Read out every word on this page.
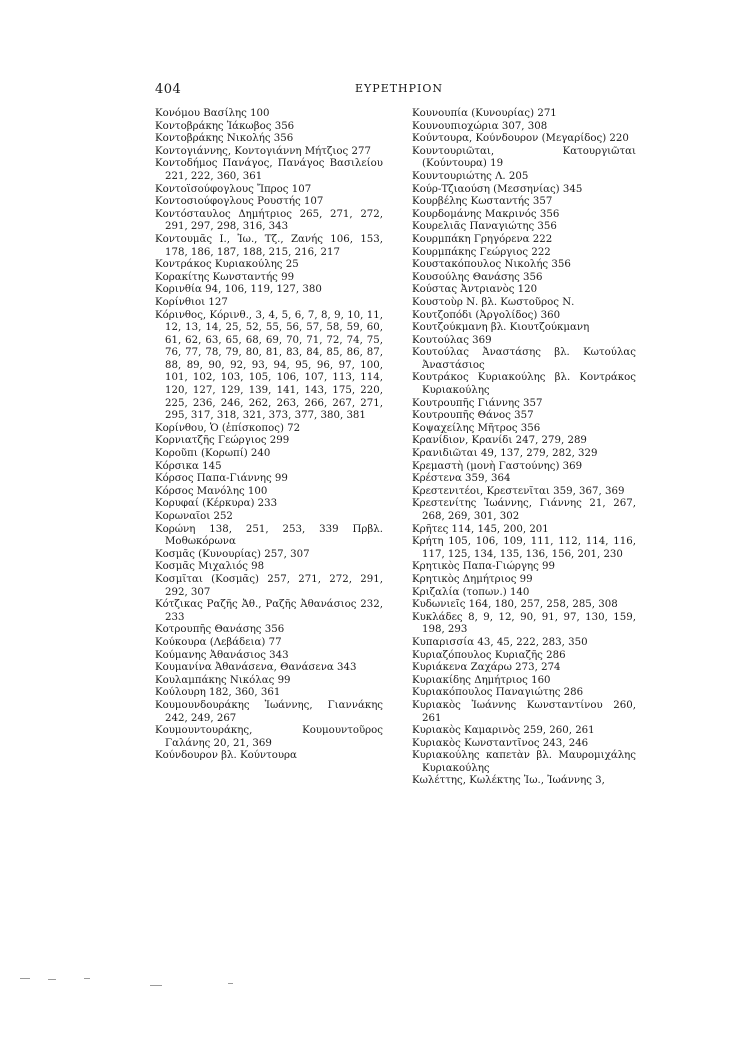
404	ΕΥΡΕΤΗΡΙΟΝ

Κονόμου Βασίλης 100

Κοντοβράκης Ἰάκωβος 356

Κοντοβράκης Νικολής 356

Κοντογιάννης, Κοντογιάννη Μήτζιος 277

Κοντοδήμος Πανάγος, Πανάγος Βασιλείου 221, 222, 360, 361

Κοντοϊσούφογλους Ἴπρος 107

Κοντοσιούφογλους Ρουστής 107

Κοντόσταυλος Δημήτριος 265, 271, 272, 291, 297, 298, 316, 343

Κοντουμᾶς Ι., Ἰω., Τζ., Ζανής 106, 153, 178, 186, 187, 188, 215, 216, 217

Κοντράκος Κυριακούλης 25

Κορακίτης Κωνσταντής 99

Κορινθία 94, 106, 119, 127, 380

Κορίνθιοι 127

Κόρινθος, Κόρινθ., 3, 4, 5, 6, 7, 8, 9, 10, 11, 12, 13, 14, 25, 52, 55, 56, 57, 58, 59, 60, 61, 62, 63, 65, 68, 69, 70, 71, 72, 74, 75, 76, 77, 78, 79, 80, 81, 83, 84, 85, 86, 87, 88, 89, 90, 92, 93, 94, 95, 96, 97, 100, 101, 102, 103, 105, 106, 107, 113, 114, 120, 127, 129, 139, 141, 143, 175, 220, 225, 236, 246, 262, 263, 266, 267, 271, 295, 317, 318, 321, 373, 377, 380, 381

Κορίνθου, Ὁ (ἐπίσκοπος) 72

Κορνιατζῆς Γεώργιος 299

Κοροῦπι (Κορωπί) 240

Κόρσικα 145

Κόρσος Παπα-Γιάννης 99

Κόρσος Μανόλης 100

Κορυφαί (Κέρκυρα) 233

Κορωναῖοι 252

Κορώνη 138, 251, 253, 339 Πρβλ. Μοθωκόρωνα

Κοσμᾶς (Κυνουρίας) 257, 307

Κοσμᾶς Μιχαλιός 98

Κοσμῖται (Κοσμᾶς) 257, 271, 272, 291, 292, 307

Κότζικας Ραζῆς Ἀθ., Ραζῆς Ἀθανάσιος 232, 233

Κοτρουπῆς Θανάσης 356

Κούκουρα (Λεβάδεια) 77

Κούμανης Ἀθανάσιος 343

Κουμανίνα Ἀθανάσενα, Θανάσενα 343

Κουλαμπάκης Νικόλας 99

Κούλουρη 182, 360, 361

Κουμουνδουράκης Ἰωάννης, Γιαννάκης 242, 249, 267

Κουμουντουράκης, Κουμουντοῦρος Γαλάνης 20, 21, 369

Κούνδουρον βλ. Κούντουρα

Κουνουπία (Κυνουρίας) 271

Κουνουπιοχώρια 307, 308

Κούντουρα, Κούνδουρον (Μεγαρίδος) 220

Κουντουριῶται, Κατουργιῶται (Κούντουρα) 19

Κουντουριώτης Λ. 205

Κούρ-Τζιαούση (Μεσσηνίας) 345

Κουρβέλης Κωσταντής 357

Κουρδομάνης Μακρινός 356

Κουρελιᾶς Παναγιώτης 356

Κουρμπάκη Γρηγόρενα 222

Κουρμπάκης Γεώργιος 222

Κουστακόπουλος Νικολής 356

Κουσούλης Θανάσης 356

Κούστας Ἀντριανὸς 120

Κουστοὺρ Ν. βλ. Κωστοῦρος Ν.

Κουτζοπόδι (Ἀργολίδος) 360

Κουτζούκμανη βλ. Κιουτζούκμανη

Κουτούλας 369

Κουτούλας Ἀναστάσης βλ. Κωτούλας Ἀναστάσιος

Κουτράκος Κυριακούλης βλ. Κοντράκος Κυριακούλης

Κουτρουπῆς Γιάννης 357

Κουτρουπῆς Θάνος 357

Κοψαχείλης Μῆτρος 356

Κρανίδιον, Κρανίδι 247, 279, 289

Κρανιδιῶται 49, 137, 279, 282, 329

Κρεμαστὴ (μονὴ Γαστούνης) 369

Κρέστενα 359, 364

Κρεστενιτέοι, Κρεστενῖται 359, 367, 369

Κρεστενίτης Ἰωάννης, Γιάννης 21, 267, 268, 269, 301, 302

Κρῆτες 114, 145, 200, 201

Κρήτη 105, 106, 109, 111, 112, 114, 116, 117, 125, 134, 135, 136, 156, 201, 230

Κρητικὸς Παπα-Γιώργης 99

Κρητικὸς Δημήτριος 99

Κριζαλία (τοπων.) 140

Κυδωνιεῖς 164, 180, 257, 258, 285, 308

Κυκλάδες 8, 9, 12, 90, 91, 97, 130, 159, 198, 293

Κυπαρισσία 43, 45, 222, 283, 350

Κυριαζόπουλος Κυριαζῆς 286

Κυριάκενα Ζαχάρω 273, 274

Κυριακίδης Δημήτριος 160

Κυριακόπουλος Παναγιώτης 286

Κυριακὸς Ἰωάννης Κωνσταντίνου 260, 261

Κυριακὸς Καμαρινὸς 259, 260, 261

Κυριακὸς Κωνσταντῖνος 243, 246

Κυριακούλης καπετὰν βλ. Μαυρομιχάλης Κυριακούλης

Κωλέττης, Κωλέκτης Ἰω., Ἰωάννης 3,
